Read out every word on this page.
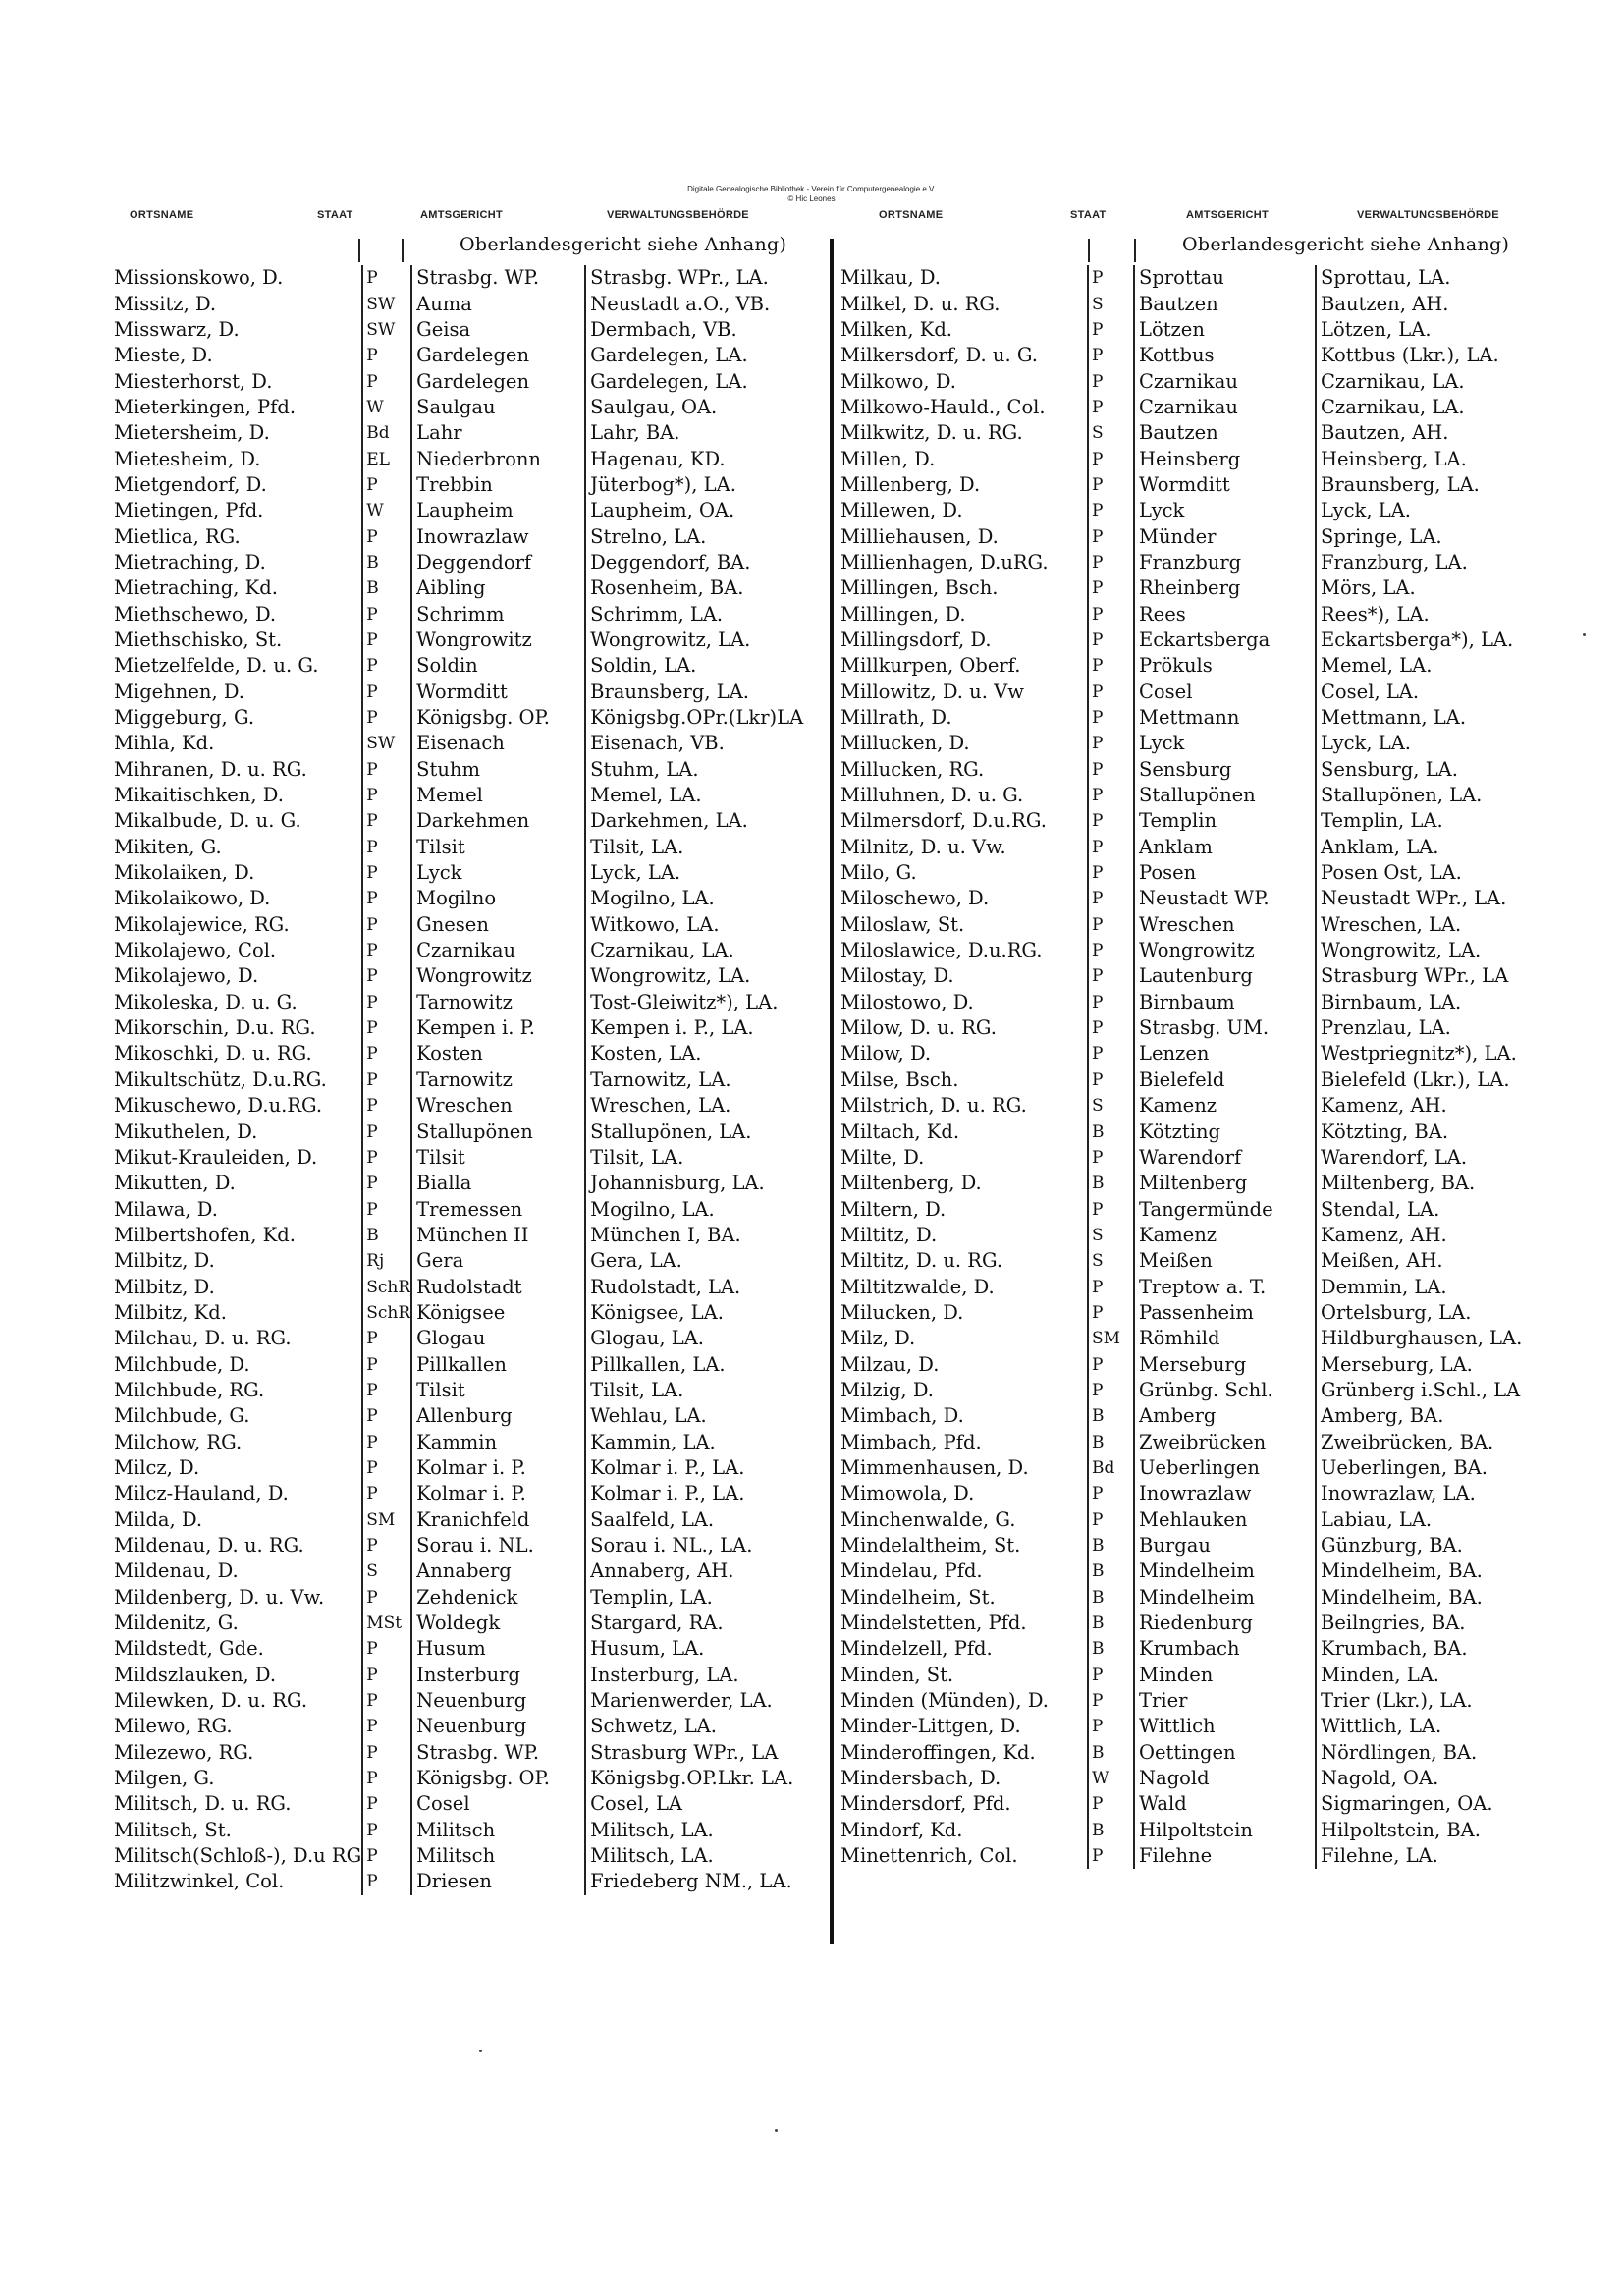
Digitale Genealogische Bibliothek - Verein für Computergenealogie e.V.
© Hic Leones
ORTSNAME	STAAT	AMTSGERICHT	VERWALTUNGSBEHÖRDE	ORTSNAME	STAAT	AMTSGERICHT	VERWALTUNGSBEHÖRDE
Oberlandesgericht siehe Anhang)	Oberlandesgericht siehe Anhang)
Missionskowo, D.	P	Strasbg. WP.	Strasbg. WPr., LA.
Missitz, D.	SW	Auma	Neustadt a.O., VB.
Misswarz, D.	SW	Geisa	Dermbach, VB.
Mieste, D.	P	Gardelegen	Gardelegen, LA.
Miesterhorst, D.	P	Gardelegen	Gardelegen, LA.
Mieterkingen, Pfd.	W	Saulgau	Saulgau, OA.
Mietersheim, D.	Bd	Lahr	Lahr, BA.
Mietesheim, D.	EL	Niederbronn	Hagenau, KD.
Mietgendorf, D.	P	Trebbin	Jüterbog*), LA.
Mietingen, Pfd.	W	Laupheim	Laupheim, OA.
Mietlica, RG.	P	Inowrazlaw	Strelno, LA.
Mietraching, D.	B	Deggendorf	Deggendorf, BA.
Mietraching, Kd.	B	Aibling	Rosenheim, BA.
Miethschewo, D.	P	Schrimm	Schrimm, LA.
Miethschisko, St.	P	Wongrowitz	Wongrowitz, LA.
Mietzelfelde, D. u. G.	P	Soldin	Soldin, LA.
Migehnen, D.	P	Wormditt	Braunsberg, LA.
Miggeburg, G.	P	Königsbg. OP.	Königsbg.OPr.(Lkr)LA
Mihla, Kd.	SW	Eisenach	Eisenach, VB.
Mihranen, D. u. RG.	P	Stuhm	Stuhm, LA.
Mikaitischken, D.	P	Memel	Memel, LA.
Mikalbude, D. u. G.	P	Darkehmen	Darkehmen, LA.
Mikiten, G.	P	Tilsit	Tilsit, LA.
Mikolaiken, D.	P	Lyck	Lyck, LA.
Mikolaikowo, D.	P	Mogilno	Mogilno, LA.
Mikolajewice, RG.	P	Gnesen	Witkowo, LA.
Mikolajewo, Col.	P	Czarnikau	Czarnikau, LA.
Mikolajewo, D.	P	Wongrowitz	Wongrowitz, LA.
Mikoleska, D. u. G.	P	Tarnowitz	Tost-Gleiwitz*), LA.
Mikorschin, D.u. RG.	P	Kempen i. P.	Kempen i. P., LA.
Mikoschki, D. u. RG.	P	Kosten	Kosten, LA.
Mikultschütz, D.u.RG.	P	Tarnowitz	Tarnowitz, LA.
Mikuschewo, D.u.RG.	P	Wreschen	Wreschen, LA.
Mikuthelen, D.	P	Stallupönen	Stallupönen, LA.
Mikut-Krauleiden, D.	P	Tilsit	Tilsit, LA.
Mikutten, D.	P	Bialla	Johannisburg, LA.
Milawa, D.	P	Tremessen	Mogilno, LA.
Milbertshofen, Kd.	B	München II	München I, BA.
Milbitz, D.	Rj	Gera	Gera, LA.
Milbitz, D.	SchR	Rudolstadt	Rudolstadt, LA.
Milbitz, Kd.	SchR	Königsee	Königsee, LA.
Milchau, D. u. RG.	P	Glogau	Glogau, LA.
Milchbude, D.	P	Pillkallen	Pillkallen, LA.
Milchbude, RG.	P	Tilsit	Tilsit, LA.
Milchbude, G.	P	Allenburg	Wehlau, LA.
Milchow, RG.	P	Kammin	Kammin, LA.
Milcz, D.	P	Kolmar i. P.	Kolmar i. P., LA.
Milcz-Hauland, D.	P	Kolmar i. P.	Kolmar i. P., LA.
Milda, D.	SM	Kranichfeld	Saalfeld, LA.
Mildenau, D. u. RG.	P	Sorau i. NL.	Sorau i. NL., LA.
Mildenau, D.	S	Annaberg	Annaberg, AH.
Mildenberg, D. u. Vw.	P	Zehdenick	Templin, LA.
Mildenitz, G.	MSt	Woldegk	Stargard, RA.
Mildstedt, Gde.	P	Husum	Husum, LA.
Mildszlauken, D.	P	Insterburg	Insterburg, LA.
Milewken, D. u. RG.	P	Neuenburg	Marienwerder, LA.
Milewo, RG.	P	Neuenburg	Schwetz, LA.
Milezewo, RG.	P	Strasbg. WP.	Strasburg WPr., LA
Milgen, G.	P	Königsbg. OP.	Königsbg.OP.Lkr. LA.
Militsch, D. u. RG.	P	Cosel	Cosel, LA
Militsch, St.	P	Militsch	Militsch, LA.
Militsch(Schloß-), D.u RG	P	Militsch	Militsch, LA.
Militzwinkel, Col.	P	Driesen	Friedeberg NM., LA.
Milkau, D.	P	Sprottau	Sprottau, LA.
Milkel, D. u. RG.	S	Bautzen	Bautzen, AH.
Milken, Kd.	P	Lötzen	Lötzen, LA.
Milkersdorf, D. u. G.	P	Kottbus	Kottbus (Lkr.), LA.
Milkowo, D.	P	Czarnikau	Czarnikau, LA.
Milkowo-Hauld., Col.	P	Czarnikau	Czarnikau, LA.
Milkwitz, D. u. RG.	S	Bautzen	Bautzen, AH.
Millen, D.	P	Heinsberg	Heinsberg, LA.
Millenberg, D.	P	Wormditt	Braunsberg, LA.
Millewen, D.	P	Lyck	Lyck, LA.
Milliehausen, D.	P	Münder	Springe, LA.
Millienhagen, D.uRG.	P	Franzburg	Franzburg, LA.
Millingen, Bsch.	P	Rheinberg	Mörs, LA.
Millingen, D.	P	Rees	Rees*), LA.
Millingsdorf, D.	P	Eckartsberga	Eckartsberga*), LA.
Millkurpen, Oberf.	P	Prökuls	Memel, LA.
Millowitz, D. u. Vw	P	Cosel	Cosel, LA.
Millrath, D.	P	Mettmann	Mettmann, LA.
Millucken, D.	P	Lyck	Lyck, LA.
Millucken, RG.	P	Sensburg	Sensburg, LA.
Milluhnen, D. u. G.	P	Stallupönen	Stallupönen, LA.
Milmersdorf, D.u.RG.	P	Templin	Templin, LA.
Milnitz, D. u. Vw.	P	Anklam	Anklam, LA.
Milo, G.	P	Posen	Posen Ost, LA.
Miloschewo, D.	P	Neustadt WP.	Neustadt WPr., LA.
Miloslaw, St.	P	Wreschen	Wreschen, LA.
Miloslawice, D.u.RG.	P	Wongrowitz	Wongrowitz, LA.
Milostay, D.	P	Lautenburg	Strasburg WPr., LA
Milostowo, D.	P	Birnbaum	Birnbaum, LA.
Milow, D. u. RG.	P	Strasbg. UM.	Prenzlau, LA.
Milow, D.	P	Lenzen	Westpriegnitz*), LA.
Milse, Bsch.	P	Bielefeld	Bielefeld (Lkr.), LA.
Milstrich, D. u. RG.	S	Kamenz	Kamenz, AH.
Miltach, Kd.	B	Kötzting	Kötzting, BA.
Milte, D.	P	Warendorf	Warendorf, LA.
Miltenberg, D.	B	Miltenberg	Miltenberg, BA.
Miltern, D.	P	Tangermünde	Stendal, LA.
Miltitz, D.	S	Kamenz	Kamenz, AH.
Miltitz, D. u. RG.	S	Meißen	Meißen, AH.
Miltitzwalde, D.	P	Treptow a. T.	Demmin, LA.
Milucken, D.	P	Passenheim	Ortelsburg, LA.
Milz, D.	SM	Römhild	Hildburghausen, LA.
Milzau, D.	P	Merseburg	Merseburg, LA.
Milzig, D.	P	Grünbg. Schl.	Grünberg i.Schl., LA
Mimbach, D.	B	Amberg	Amberg, BA.
Mimbach, Pfd.	B	Zweibrücken	Zweibrücken, BA.
Mimmenhausen, D.	Bd	Ueberlingen	Ueberlingen, BA.
Mimowola, D.	P	Inowrazlaw	Inowrazlaw, LA.
Minchenwalde, G.	P	Mehlauken	Labiau, LA.
Mindelaltheim, St.	B	Burgau	Günzburg, BA.
Mindelau, Pfd.	B	Mindelheim	Mindelheim, BA.
Mindelheim, St.	B	Mindelheim	Mindelheim, BA.
Mindelstetten, Pfd.	B	Riedenburg	Beilngries, BA.
Mindelzell, Pfd.	B	Krumbach	Krumbach, BA.
Minden, St.	P	Minden	Minden, LA.
Minden (Münden), D.	P	Trier	Trier (Lkr.), LA.
Minder-Littgen, D.	P	Wittlich	Wittlich, LA.
Minderoffingen, Kd.	B	Oettingen	Nördlingen, BA.
Mindersbach, D.	W	Nagold	Nagold, OA.
Mindersdorf, Pfd.	P	Wald	Sigmaringen, OA.
Mindorf, Kd.	B	Hilpoltstein	Hilpoltstein, BA.
Minettenrich, Col.	P	Filehne	Filehne, LA.
